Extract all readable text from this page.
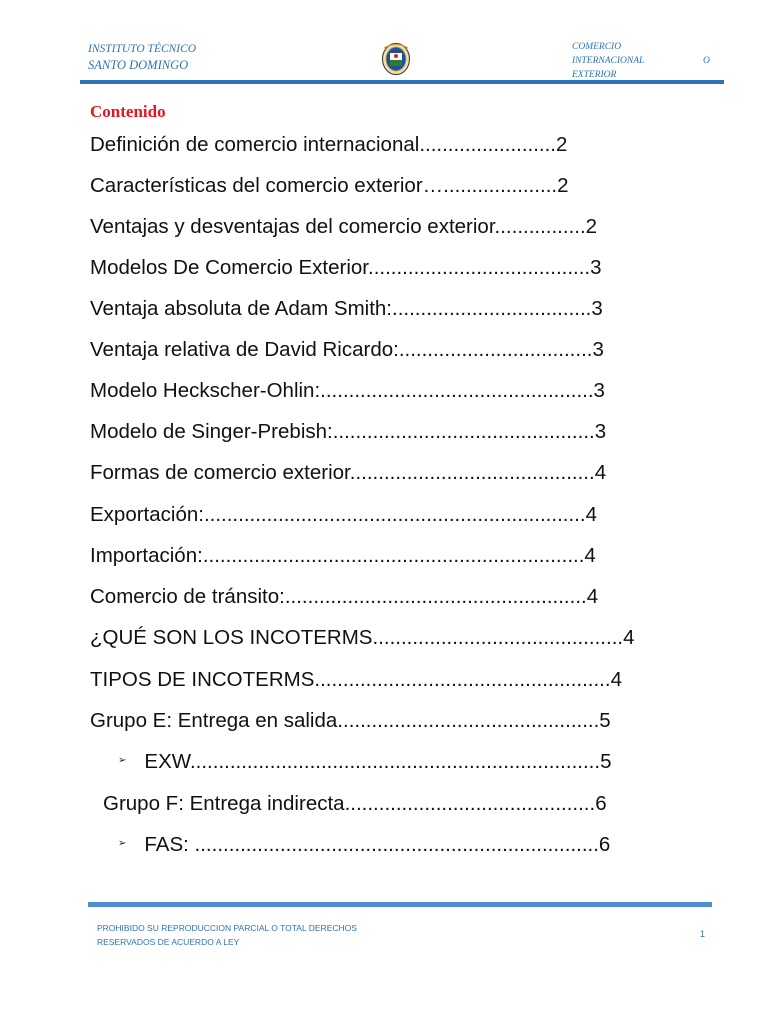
INSTITUTO TÉCNICO
SANTO DOMINGO
COMERCIO
INTERNACIONAL	O
EXTERIOR
Contenido
Definición de comercio internacional........................2
Características del comercio exterior…....................2
Ventajas y desventajas del comercio exterior................2
Modelos De Comercio Exterior.......................................3
Ventaja absoluta de Adam Smith:...................................3
Ventaja relativa de David Ricardo:..................................3
Modelo Heckscher-Ohlin:................................................3
Modelo de Singer-Prebish:..............................................3
Formas de comercio exterior...........................................4
Exportación:...................................................................4
Importación:...................................................................4
Comercio de tránsito:.....................................................4
¿QUÉ SON LOS INCOTERMS............................................4
TIPOS DE INCOTERMS....................................................4
Grupo E: Entrega en salida..............................................5
➢ EXW........................................................................5
Grupo F: Entrega indirecta............................................6
➢ FAS: .......................................................................6
PROHIBIDO SU REPRODUCCION PARCIAL O TOTAL DERECHOS
RESERVADOS DE ACUERDO A LEY
1
